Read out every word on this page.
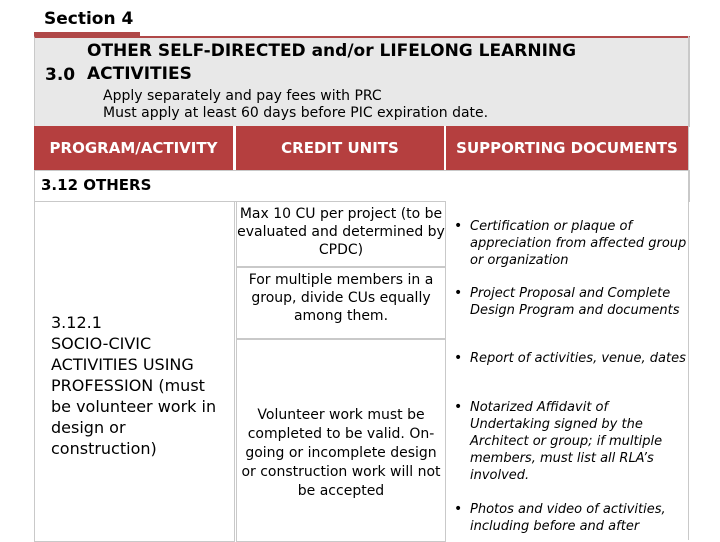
Section 4
3.0
OTHER SELF-DIRECTED and/or LIFELONG LEARNING
ACTIVITIES
Apply separately and pay fees with PRC
Must apply at least 60 days before PIC expiration date.
PROGRAM/ACTIVITY	CREDIT UNITS	SUPPORTING DOCUMENTS
3.12 OTHERS
3.12.1
SOCIO-CIVIC ACTIVITIES USING PROFESSION (must be volunteer work in design or construction)
Max 10 CU per project (to be evaluated and determined by CPDC)
For multiple members in a group, divide CUs equally among them.
Volunteer work must be completed to be valid. On-going or incomplete design or construction work will not be accepted
• Certification or plaque of appreciation from affected group or organization
• Project Proposal and Complete Design Program and documents
• Report of activities, venue, dates
• Notarized Affidavit of Undertaking signed by the Architect or group; if multiple members, must list all RLA’s involved.
• Photos and video of activities, including before and after
